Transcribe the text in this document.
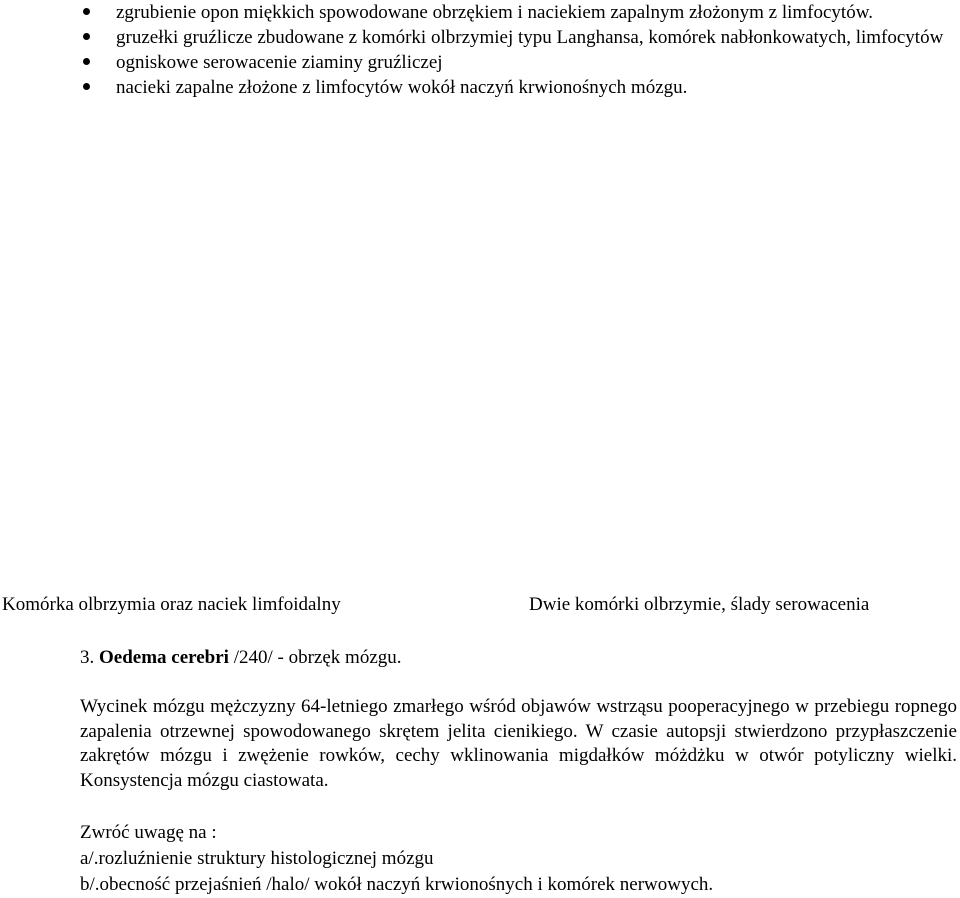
zgrubienie opon miękkich spowodowane obrzękiem i naciekiem zapalnym złożonym z limfocytów.
gruzełki gruźlicze zbudowane z komórki olbrzymiej typu Langhansa, komórek nabłonkowatych, limfocytów
ogniskowe serowacenie ziaminy gruźliczej
nacieki zapalne złożone z limfocytów wokół naczyń krwionośnych mózgu.
Komórka olbrzymia oraz naciek limfoidalny	Dwie komórki olbrzymie, ślady serowacenia
3. Oedema cerebri /240/ - obrzęk mózgu.

Wycinek mózgu mężczyzny 64-letniego zmarłego wśród objawów wstrząsu pooperacyjnego w przebiegu ropnego zapalenia otrzewnej spowodowanego skrętem jelita cienikiego. W czasie autopsji stwierdzono przypłaszczenie zakrętów mózgu i zwężenie rowków, cechy wklinowania migdałków móżdżku w otwór potyliczny wielki. Konsystencja mózgu ciastowata.

Zwróć uwagę na :
a/.rozluźnienie struktury histologicznej mózgu
b/.obecność przejaśnień /halo/ wokół naczyń krwionośnych i komórek nerwowych.
